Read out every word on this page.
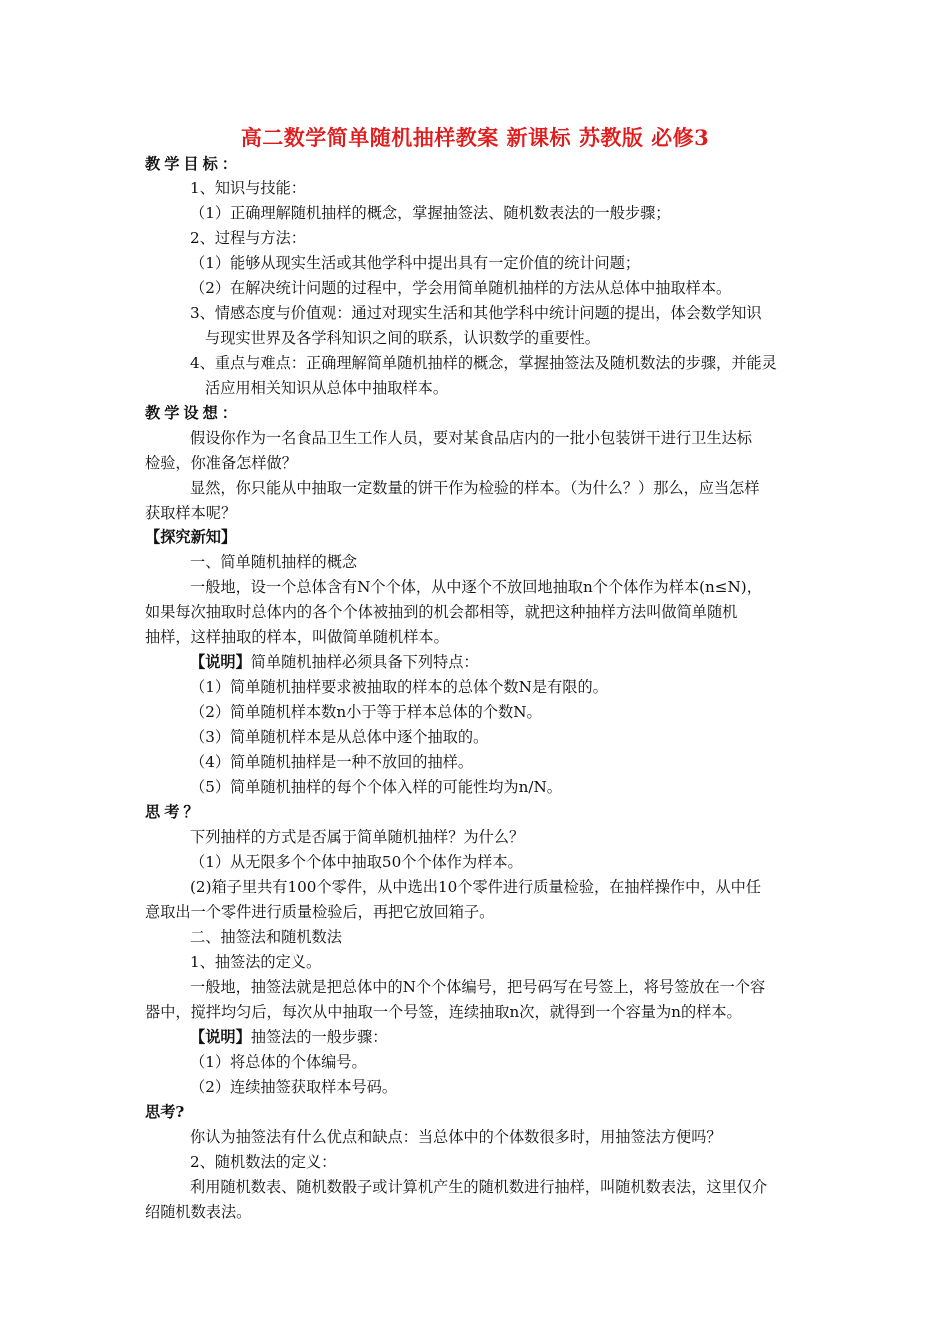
高二数学简单随机抽样教案 新课标 苏教版 必修3
教学目标：
1、知识与技能：
（1）正确理解随机抽样的概念，掌握抽签法、随机数表法的一般步骤；
2、过程与方法：
（1）能够从现实生活或其他学科中提出具有一定价值的统计问题；
（2）在解决统计问题的过程中，学会用简单随机抽样的方法从总体中抽取样本。
3、情感态度与价值观：通过对现实生活和其他学科中统计问题的提出，体会数学知识
与现实世界及各学科知识之间的联系，认识数学的重要性。
4、重点与难点：正确理解简单随机抽样的概念，掌握抽签法及随机数法的步骤，并能灵
活应用相关知识从总体中抽取样本。
教学设想：
假设你作为一名食品卫生工作人员，要对某食品店内的一批小包装饼干进行卫生达标
检验，你准备怎样做？
显然，你只能从中抽取一定数量的饼干作为检验的样本。（为什么？）那么，应当怎样
获取样本呢？
【探究新知】
一、简单随机抽样的概念
一般地，设一个总体含有N个个体，从中逐个不放回地抽取n个个体作为样本(n≤N)，
如果每次抽取时总体内的各个个体被抽到的机会都相等，就把这种抽样方法叫做简单随机
抽样，这样抽取的样本，叫做简单随机样本。
【说明】简单随机抽样必须具备下列特点：
（1）简单随机抽样要求被抽取的样本的总体个数N是有限的。
（2）简单随机样本数n小于等于样本总体的个数N。
（3）简单随机样本是从总体中逐个抽取的。
（4）简单随机抽样是一种不放回的抽样。
（5）简单随机抽样的每个个体入样的可能性均为n/N。
思考？
下列抽样的方式是否属于简单随机抽样？为什么？
（1）从无限多个个体中抽取50个个体作为样本。
(2)箱子里共有100个零件，从中选出10个零件进行质量检验，在抽样操作中，从中任
意取出一个零件进行质量检验后，再把它放回箱子。
二、抽签法和随机数法
1、抽签法的定义。
一般地，抽签法就是把总体中的N个个体编号，把号码写在号签上，将号签放在一个容
器中，搅拌均匀后，每次从中抽取一个号签，连续抽取n次，就得到一个容量为n的样本。
【说明】抽签法的一般步骤：
（1）将总体的个体编号。
（2）连续抽签获取样本号码。
思考?
你认为抽签法有什么优点和缺点：当总体中的个体数很多时，用抽签法方便吗？
2、随机数法的定义：
利用随机数表、随机数骰子或计算机产生的随机数进行抽样，叫随机数表法，这里仅介
绍随机数表法。
